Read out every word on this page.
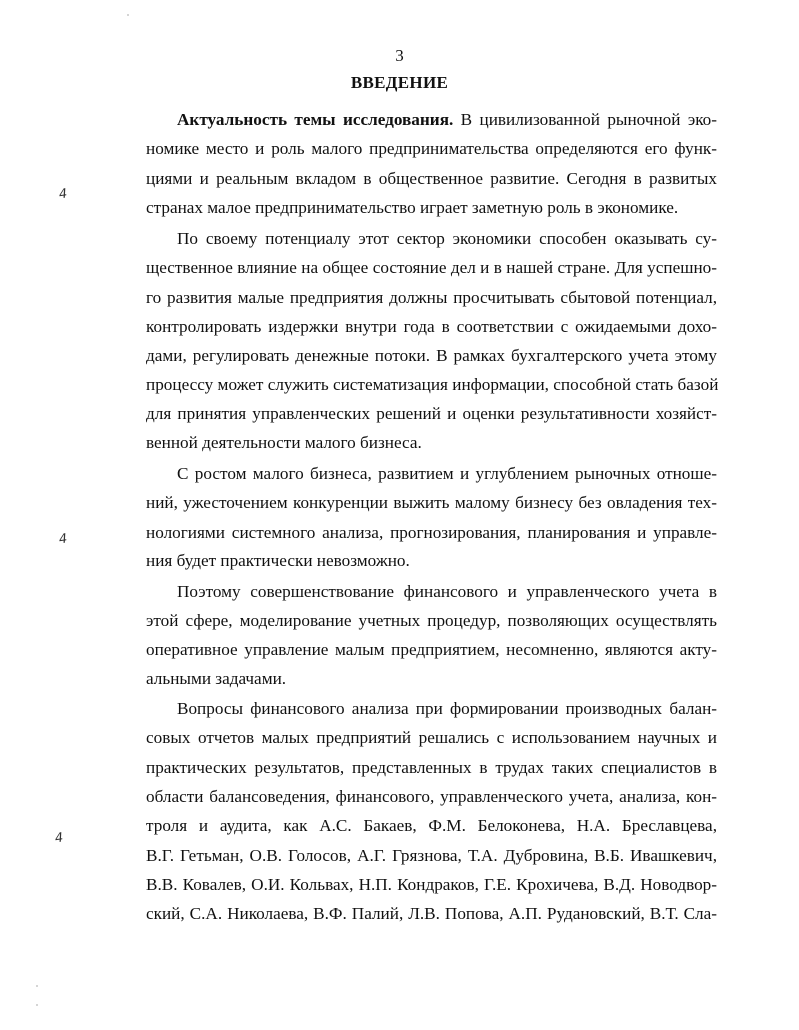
3
ВВЕДЕНИЕ
4
4
4
Актуальность темы исследования. В цивилизованной рыночной эко-
номике место и роль малого предпринимательства определяются его функ-
циями и реальным вкладом в общественное развитие. Сегодня в развитых
странах малое предпринимательство играет заметную роль в экономике.
По своему потенциалу этот сектор экономики способен оказывать су-
щественное влияние на общее состояние дел и в нашей стране. Для успешно-
го развития малые предприятия должны просчитывать сбытовой потенциал,
контролировать издержки внутри года в соответствии с ожидаемыми дохо-
дами, регулировать денежные потоки. В рамках бухгалтерского учета этому
процессу может служить систематизация информации, способной стать базой
для принятия управленческих решений и оценки результативности хозяйст-
венной деятельности малого бизнеса.
С ростом малого бизнеса, развитием и углублением рыночных отноше-
ний, ужесточением конкуренции выжить малому бизнесу без овладения тех-
нологиями системного анализа, прогнозирования, планирования и управле-
ния будет практически невозможно.
Поэтому совершенствование финансового и управленческого учета в
этой сфере, моделирование учетных процедур, позволяющих осуществлять
оперативное управление малым предприятием, несомненно, являются акту-
альными задачами.
Вопросы финансового анализа при формировании производных балан-
совых отчетов малых предприятий решались с использованием научных и
практических результатов, представленных в трудах таких специалистов в
области балансоведения, финансового, управленческого учета, анализа, кон-
троля и аудита, как А.С. Бакаев, Ф.М. Белоконева, Н.А. Бреславцева,
В.Г. Гетьман, О.В. Голосов, А.Г. Грязнова, Т.А. Дубровина, В.Б. Ивашкевич,
В.В. Ковалев, О.И. Кольвах, Н.П. Кондраков, Г.Е. Крохичева, В.Д. Новодвор-
ский, С.А. Николаева, В.Ф. Палий, Л.В. Попова, А.П. Рудановский, В.Т. Сла-
